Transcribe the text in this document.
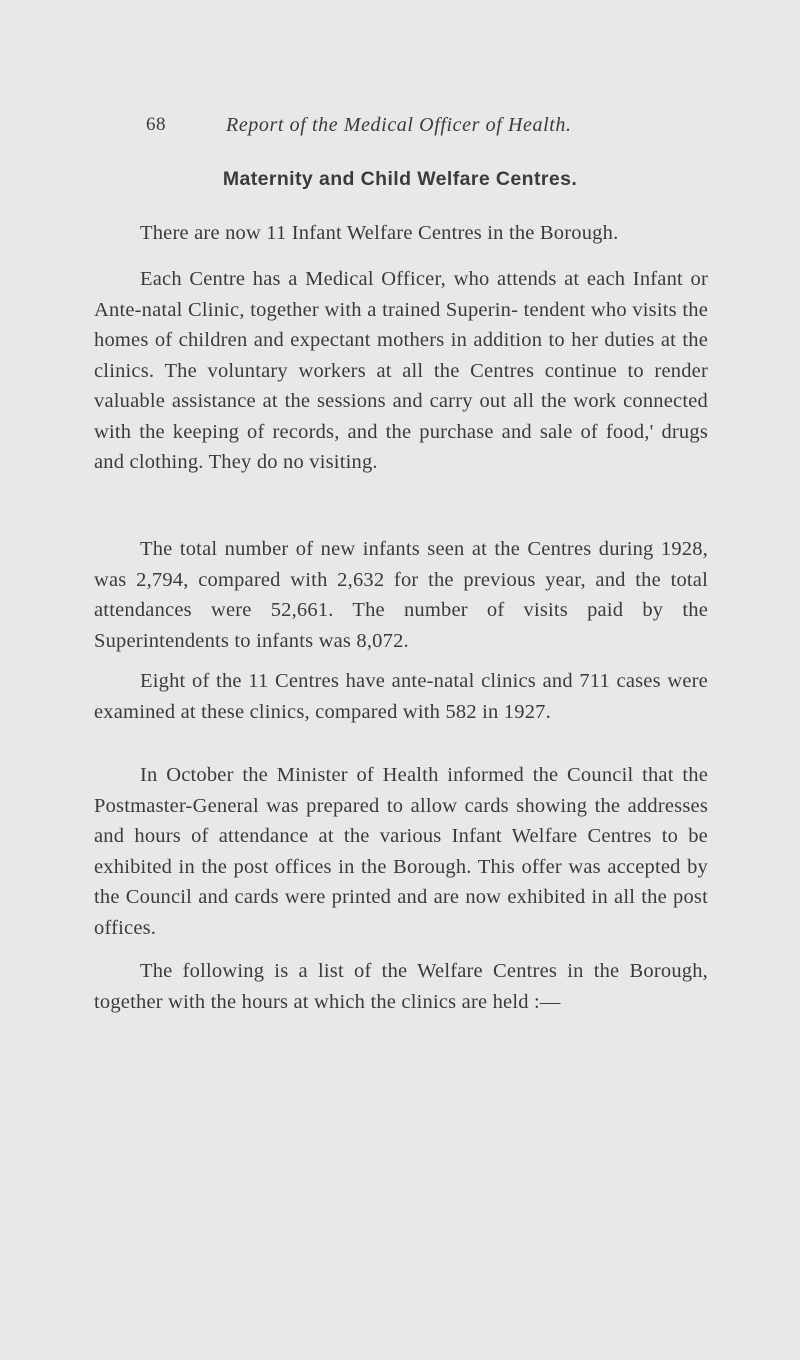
68	Report of the Medical Officer of Health.
Maternity and Child Welfare Centres.

There are now 11 Infant Welfare Centres in the Borough.

Each Centre has a Medical Officer, who attends at each Infant or Ante-natal Clinic, together with a trained Superin- tendent who visits the homes of children and expectant mothers in addition to her duties at the clinics. The voluntary workers at all the Centres continue to render valuable assistance at the sessions and carry out all the work connected with the keeping of records, and the purchase and sale of food,' drugs and clothing. They do no visiting.

The total number of new infants seen at the Centres during 1928, was 2,794, compared with 2,632 for the previous year, and the total attendances were 52,661. The number of visits paid by the Superintendents to infants was 8,072.

Eight of the 11 Centres have ante-natal clinics and 711 cases were examined at these clinics, compared with 582 in 1927.

In October the Minister of Health informed the Council that the Postmaster-General was prepared to allow cards showing the addresses and hours of attendance at the various Infant Welfare Centres to be exhibited in the post offices in the Borough. This offer was accepted by the Council and cards were printed and are now exhibited in all the post offices.

The following is a list of the Welfare Centres in the Borough, together with the hours at which the clinics are held :—
